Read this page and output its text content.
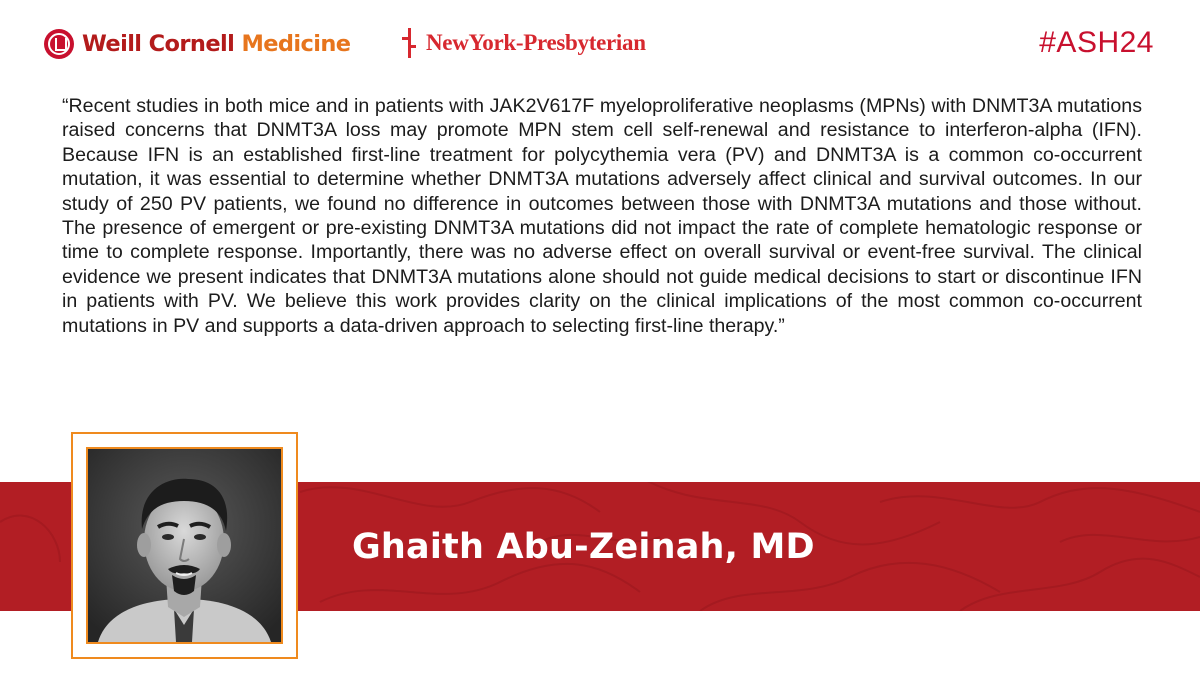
Weill Cornell Medicine	NewYork-Presbyterian	#ASH24
“Recent studies in both mice and in patients with JAK2V617F myeloproliferative neoplasms (MPNs) with DNMT3A mutations raised concerns that DNMT3A loss may promote MPN stem cell self-renewal and resistance to interferon-alpha (IFN). Because IFN is an established first-line treatment for polycythemia vera (PV) and DNMT3A is a common co-occurrent mutation, it was essential to determine whether DNMT3A mutations adversely affect clinical and survival outcomes. In our study of 250 PV patients, we found no difference in outcomes between those with DNMT3A mutations and those without. The presence of emergent or pre-existing DNMT3A mutations did not impact the rate of complete hematologic response or time to complete response. Importantly, there was no adverse effect on overall survival or event-free survival. The clinical evidence we present indicates that DNMT3A mutations alone should not guide medical decisions to start or discontinue IFN in patients with PV. We believe this work provides clarity on the clinical implications of the most common co-occurrent mutations in PV and supports a data-driven approach to selecting first-line therapy.”
Ghaith Abu-Zeinah, MD
